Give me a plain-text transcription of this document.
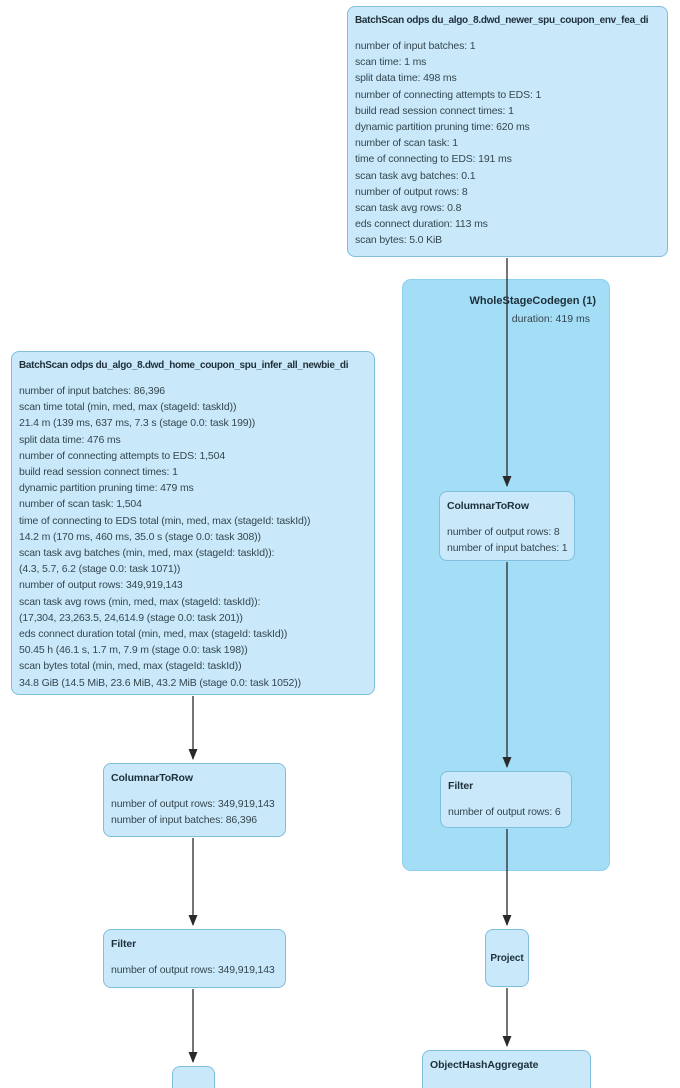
WholeStageCodegen (1)
duration: 419 ms
BatchScan odps du_algo_8.dwd_newer_spu_coupon_env_fea_di
number of input batches: 1
scan time: 1 ms
split data time: 498 ms
number of connecting attempts to EDS: 1
build read session connect times: 1
dynamic partition pruning time: 620 ms
number of scan task: 1
time of connecting to EDS: 191 ms
scan task avg batches: 0.1
number of output rows: 8
scan task avg rows: 0.8
eds connect duration: 113 ms
scan bytes: 5.0 KiB
BatchScan odps du_algo_8.dwd_home_coupon_spu_infer_all_newbie_di
number of input batches: 86,396
scan time total (min, med, max (stageId: taskId))
21.4 m (139 ms, 637 ms, 7.3 s (stage 0.0: task 199))
split data time: 476 ms
number of connecting attempts to EDS: 1,504
build read session connect times: 1
dynamic partition pruning time: 479 ms
number of scan task: 1,504
time of connecting to EDS total (min, med, max (stageId: taskId))
14.2 m (170 ms, 460 ms, 35.0 s (stage 0.0: task 308))
scan task avg batches (min, med, max (stageId: taskId)):
(4.3, 5.7, 6.2 (stage 0.0: task 1071))
number of output rows: 349,919,143
scan task avg rows (min, med, max (stageId: taskId)):
(17,304, 23,263.5, 24,614.9 (stage 0.0: task 201))
eds connect duration total (min, med, max (stageId: taskId))
50.45 h (46.1 s, 1.7 m, 7.9 m (stage 0.0: task 198))
scan bytes total (min, med, max (stageId: taskId))
34.8 GiB (14.5 MiB, 23.6 MiB, 43.2 MiB (stage 0.0: task 1052))
ColumnarToRow
number of output rows: 8
number of input batches: 1
Filter
number of output rows: 6
ColumnarToRow
number of output rows: 349,919,143
number of input batches: 86,396
Filter
number of output rows: 349,919,143
Project
ObjectHashAggregate
